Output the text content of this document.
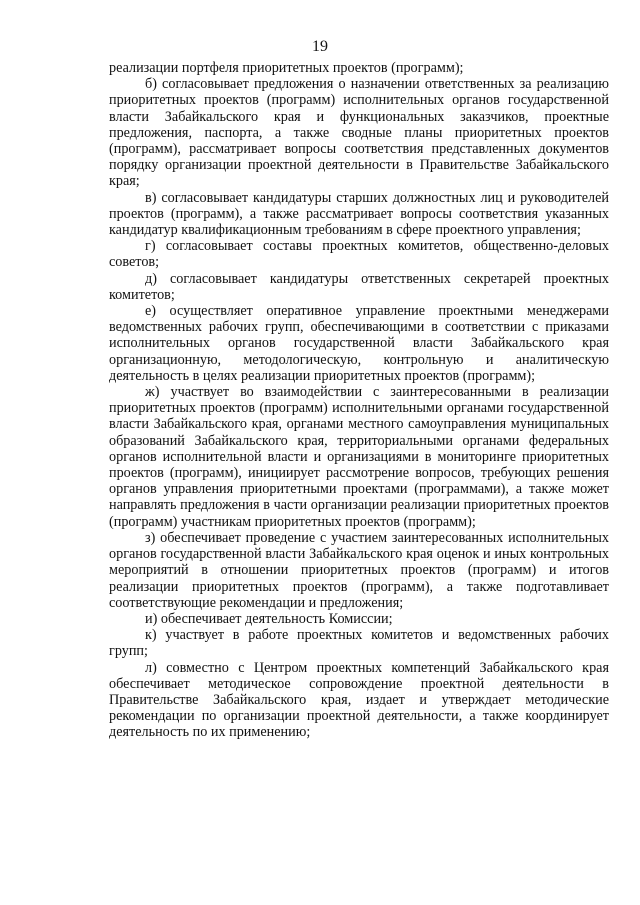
19

реализации портфеля приоритетных проектов (программ);

б) согласовывает предложения о назначении ответственных за реализацию приоритетных проектов (программ) исполнительных органов государственной власти Забайкальского края и функциональных заказчиков, проектные предложения, паспорта, а также сводные планы приоритетных проектов (программ), рассматривает вопросы соответствия представленных документов порядку организации проектной деятельности в Правительстве Забайкальского края;

в) согласовывает кандидатуры старших должностных лиц и руководителей проектов (программ), а также рассматривает вопросы соответствия указанных кандидатур квалификационным требованиям в сфере проектного управления;

г) согласовывает составы проектных комитетов, общественно-деловых советов;

д) согласовывает кандидатуры ответственных секретарей проектных комитетов;

е) осуществляет оперативное управление проектными менеджерами ведомственных рабочих групп, обеспечивающими в соответствии с приказами исполнительных органов государственной власти Забайкальского края организационную, методологическую, контрольную и аналитическую деятельность в целях реализации приоритетных проектов (программ);

ж) участвует во взаимодействии с заинтересованными в реализации приоритетных проектов (программ) исполнительными органами государственной власти Забайкальского края, органами местного самоуправления муниципальных образований Забайкальского края, территориальными органами федеральных органов исполнительной власти и организациями в мониторинге приоритетных проектов (программ), инициирует рассмотрение вопросов, требующих решения органов управления приоритетными проектами (программами), а также может направлять предложения в части организации реализации приоритетных проектов (программ) участникам приоритетных проектов (программ);

з) обеспечивает проведение с участием заинтересованных исполнительных органов государственной власти Забайкальского края оценок и иных контрольных мероприятий в отношении приоритетных проектов (программ) и итогов реализации приоритетных проектов (программ), а также подготавливает соответствующие рекомендации и предложения;

и) обеспечивает деятельность Комиссии;

к) участвует в работе проектных комитетов и ведомственных рабочих групп;

л) совместно с Центром проектных компетенций Забайкальского края обеспечивает методическое сопровождение проектной деятельности в Правительстве Забайкальского края, издает и утверждает методические рекомендации по организации проектной деятельности, а также координирует деятельность по их применению;
